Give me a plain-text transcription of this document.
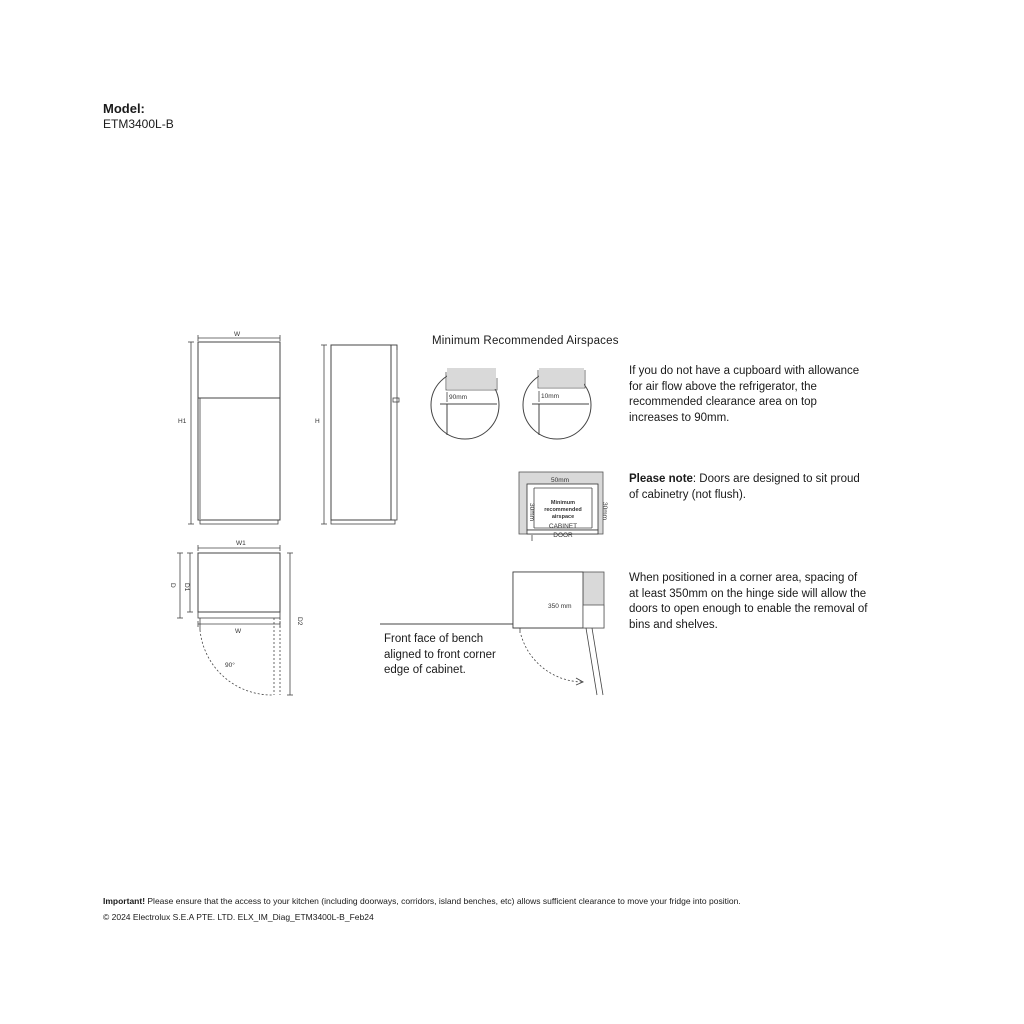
Model:
ETM3400L-B
W
H1	H
W1
W
D D1
D2
90°
90mm	10mm
50mm
30mm	30mm
DOOR
CABINET
350 mm
Minimum
recommended
airspace
Minimum Recommended Airspaces
If you do not have a cupboard with allowance for air flow above the refrigerator, the recommended clearance area on top increases to 90mm.
Please note: Doors are designed to sit proud of cabinetry (not flush).
When positioned in a corner area, spacing of at least 350mm on the hinge side will allow the doors to open enough to enable the removal of bins and shelves.
Front face of bench aligned to front corner edge of cabinet.
Important! Please ensure that the access to your kitchen (including doorways, corridors, island benches, etc) allows sufficient clearance to move your fridge into position.
© 2024 Electrolux S.E.A PTE. LTD. ELX_IM_Diag_ETM3400L-B_Feb24
